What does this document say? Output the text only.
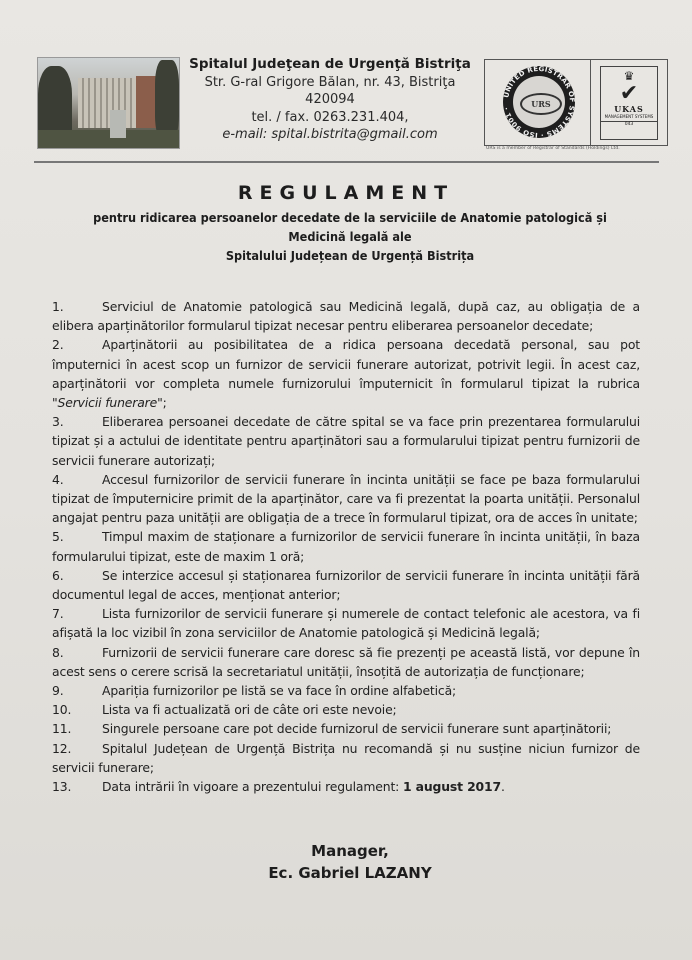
Spitalul Judeţean de Urgenţă Bistriţa
Str. G-ral Grigore Bălan, nr. 43, Bistriţa
420094
tel. / fax. 0263.231.404,
e-mail: spital.bistrita@gmail.com
URS
UNITED REGISTRAR OF SYSTEMS · ISO 9001 ·
♛
✔
UKAS
MANAGEMENT SYSTEMS
043
URS is a member of Registrar of Standards (Holdings) Ltd.
REGULAMENT
pentru ridicarea persoanelor decedate de la serviciile de Anatomie patologică și
Medicină legală ale
Spitalului Județean de Urgență Bistrița

1.	Serviciul de Anatomie patologică sau Medicină legală, după caz, au obligația de a elibera aparținătorilor formularul tipizat necesar pentru eliberarea persoanelor decedate;

2.	Aparținătorii au posibilitatea de a ridica persoana decedată personal, sau pot împuternici în acest scop un furnizor de servicii funerare autorizat, potrivit legii. În acest caz, aparținătorii vor completa numele furnizorului împuternicit în formularul tipizat la rubrica "Servicii funerare";

3.	Eliberarea persoanei decedate de către spital se va face prin prezentarea formularului tipizat și a actului de identitate pentru aparținători sau a formularului tipizat pentru furnizorii de servicii funerare autorizați;

4.	Accesul furnizorilor de servicii funerare în incinta unității se face pe baza formularului tipizat de împuternicire primit de la aparținător, care va fi prezentat la poarta unității. Personalul angajat pentru paza unității are obligația de a trece în formularul tipizat, ora de acces în unitate;

5.	Timpul maxim de staționare a furnizorilor de servicii funerare în incinta unității, în baza formularului tipizat, este de maxim 1 oră;

6.	Se interzice accesul și staționarea furnizorilor de servicii funerare în incinta unității fără documentul legal de acces, menționat anterior;

7.	Lista furnizorilor de servicii funerare și numerele de contact telefonic ale acestora, va fi afișată la loc vizibil în zona serviciilor de Anatomie patologică și Medicină legală;

8.	Furnizorii de servicii funerare care doresc să fie prezenți pe această listă, vor depune în acest sens o cerere scrisă la secretariatul unității, însoțită de autorizația de funcționare;

9.	Apariția furnizorilor pe listă se va face în ordine alfabetică;

10. Lista va fi actualizată ori de câte ori este nevoie;

11. Singurele persoane care pot decide furnizorul de servicii funerare sunt aparținătorii;

12. Spitalul Județean de Urgență Bistrița nu recomandă și nu susține niciun furnizor de servicii funerare;

13. Data intrării în vigoare a prezentului regulament: 1 august 2017.

Manager,
Ec. Gabriel LAZANY
